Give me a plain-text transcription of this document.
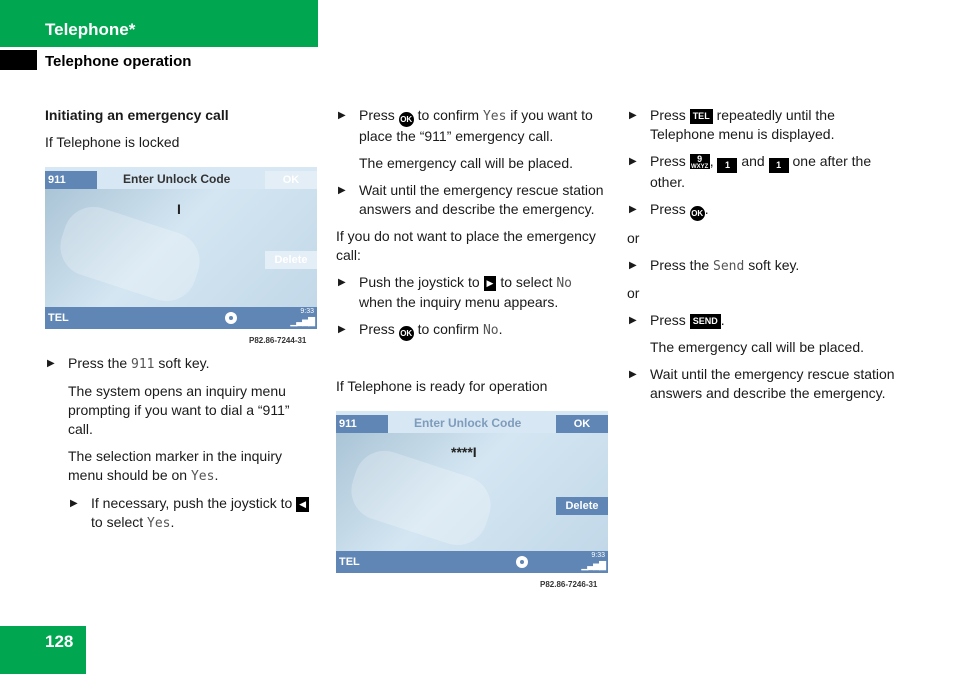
Telephone*
Telephone operation
Initiating an emergency call
If Telephone is locked
911	Enter Unlock Code	OK
I
Delete
TEL
9:33
▁▃▅▇
P82.86-7244-31
▶ Press the 911 soft key.
The system opens an inquiry menu prompting if you want to dial a “911” call.
The selection marker in the inquiry menu should be on Yes.
▶ If necessary, push the joystick to ◀ to select Yes.
▶ Press OK to confirm Yes if you want to place the “911” emergency call.
The emergency call will be placed.
▶ Wait until the emergency rescue station answers and describe the emergency.
If you do not want to place the emergency call:
▶ Push the joystick to ▶ to select No when the inquiry menu appears.
▶ Press OK to confirm No.
If Telephone is ready for operation
911	Enter Unlock Code	OK
****I
Delete
TEL
9:33
▁▃▅▇
P82.86-7246-31
▶ Press TEL repeatedly until the Telephone menu is displayed.
▶ Press 9
WXYZ , 1 and 1 one after the other.
▶ Press OK .
or
▶ Press the Send soft key.
or
▶ Press SEND .
The emergency call will be placed.
▶ Wait until the emergency rescue station answers and describe the emergency.
128
